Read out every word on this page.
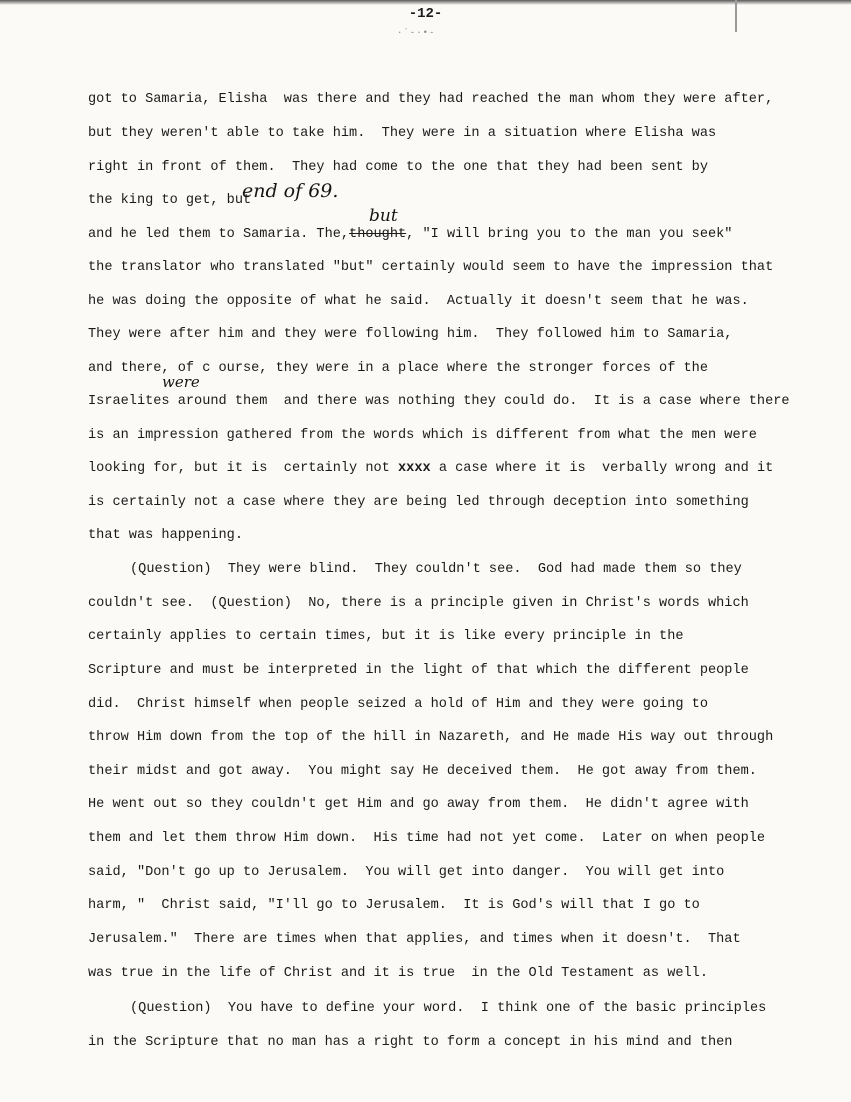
-12-
·´‐·•‐
got to Samaria, Elisha  was there and they had reached the man whom they were after,
but they weren't able to take him.  They were in a situation where Elisha was
right in front of them.  They had come to the one that they had been sent by
the king to get, but
end of 69.
and he led them to Samaria. The,thought, "I will bring you to the man you seek"
but
the translator who translated "but" certainly would seem to have the impression that
he was doing the opposite of what he said.  Actually it doesn't seem that he was.
They were after him and they were following him.  They followed him to Samaria,
and there, of c ourse, they were in a place where the stronger forces of the
Israelites around them  and there was nothing they could do.  It is a case where there
were
is an impression gathered from the words which is different from what the men were
looking for, but it is  certainly not xxxx a case where it is  verbally wrong and it
is certainly not a case where they are being led through deception into something
that was happening.
(Question)  They were blind.  They couldn't see.  God had made them so they
couldn't see.  (Question)  No, there is a principle given in Christ's words which
certainly applies to certain times, but it is like every principle in the
Scripture and must be interpreted in the light of that which the different people
did.  Christ himself when people seized a hold of Him and they were going to
throw Him down from the top of the hill in Nazareth, and He made His way out through
their midst and got away.  You might say He deceived them.  He got away from them.
He went out so they couldn't get Him and go away from them.  He didn't agree with
them and let them throw Him down.  His time had not yet come.  Later on when people
said, "Don't go up to Jerusalem.  You will get into danger.  You will get into
harm, "  Christ said, "I'll go to Jerusalem.  It is God's will that I go to
Jerusalem."  There are times when that applies, and times when it doesn't.  That
was true in the life of Christ and it is true  in the Old Testament as well.
(Question)  You have to define your word.  I think one of the basic principles
in the Scripture that no man has a right to form a concept in his mind and then
